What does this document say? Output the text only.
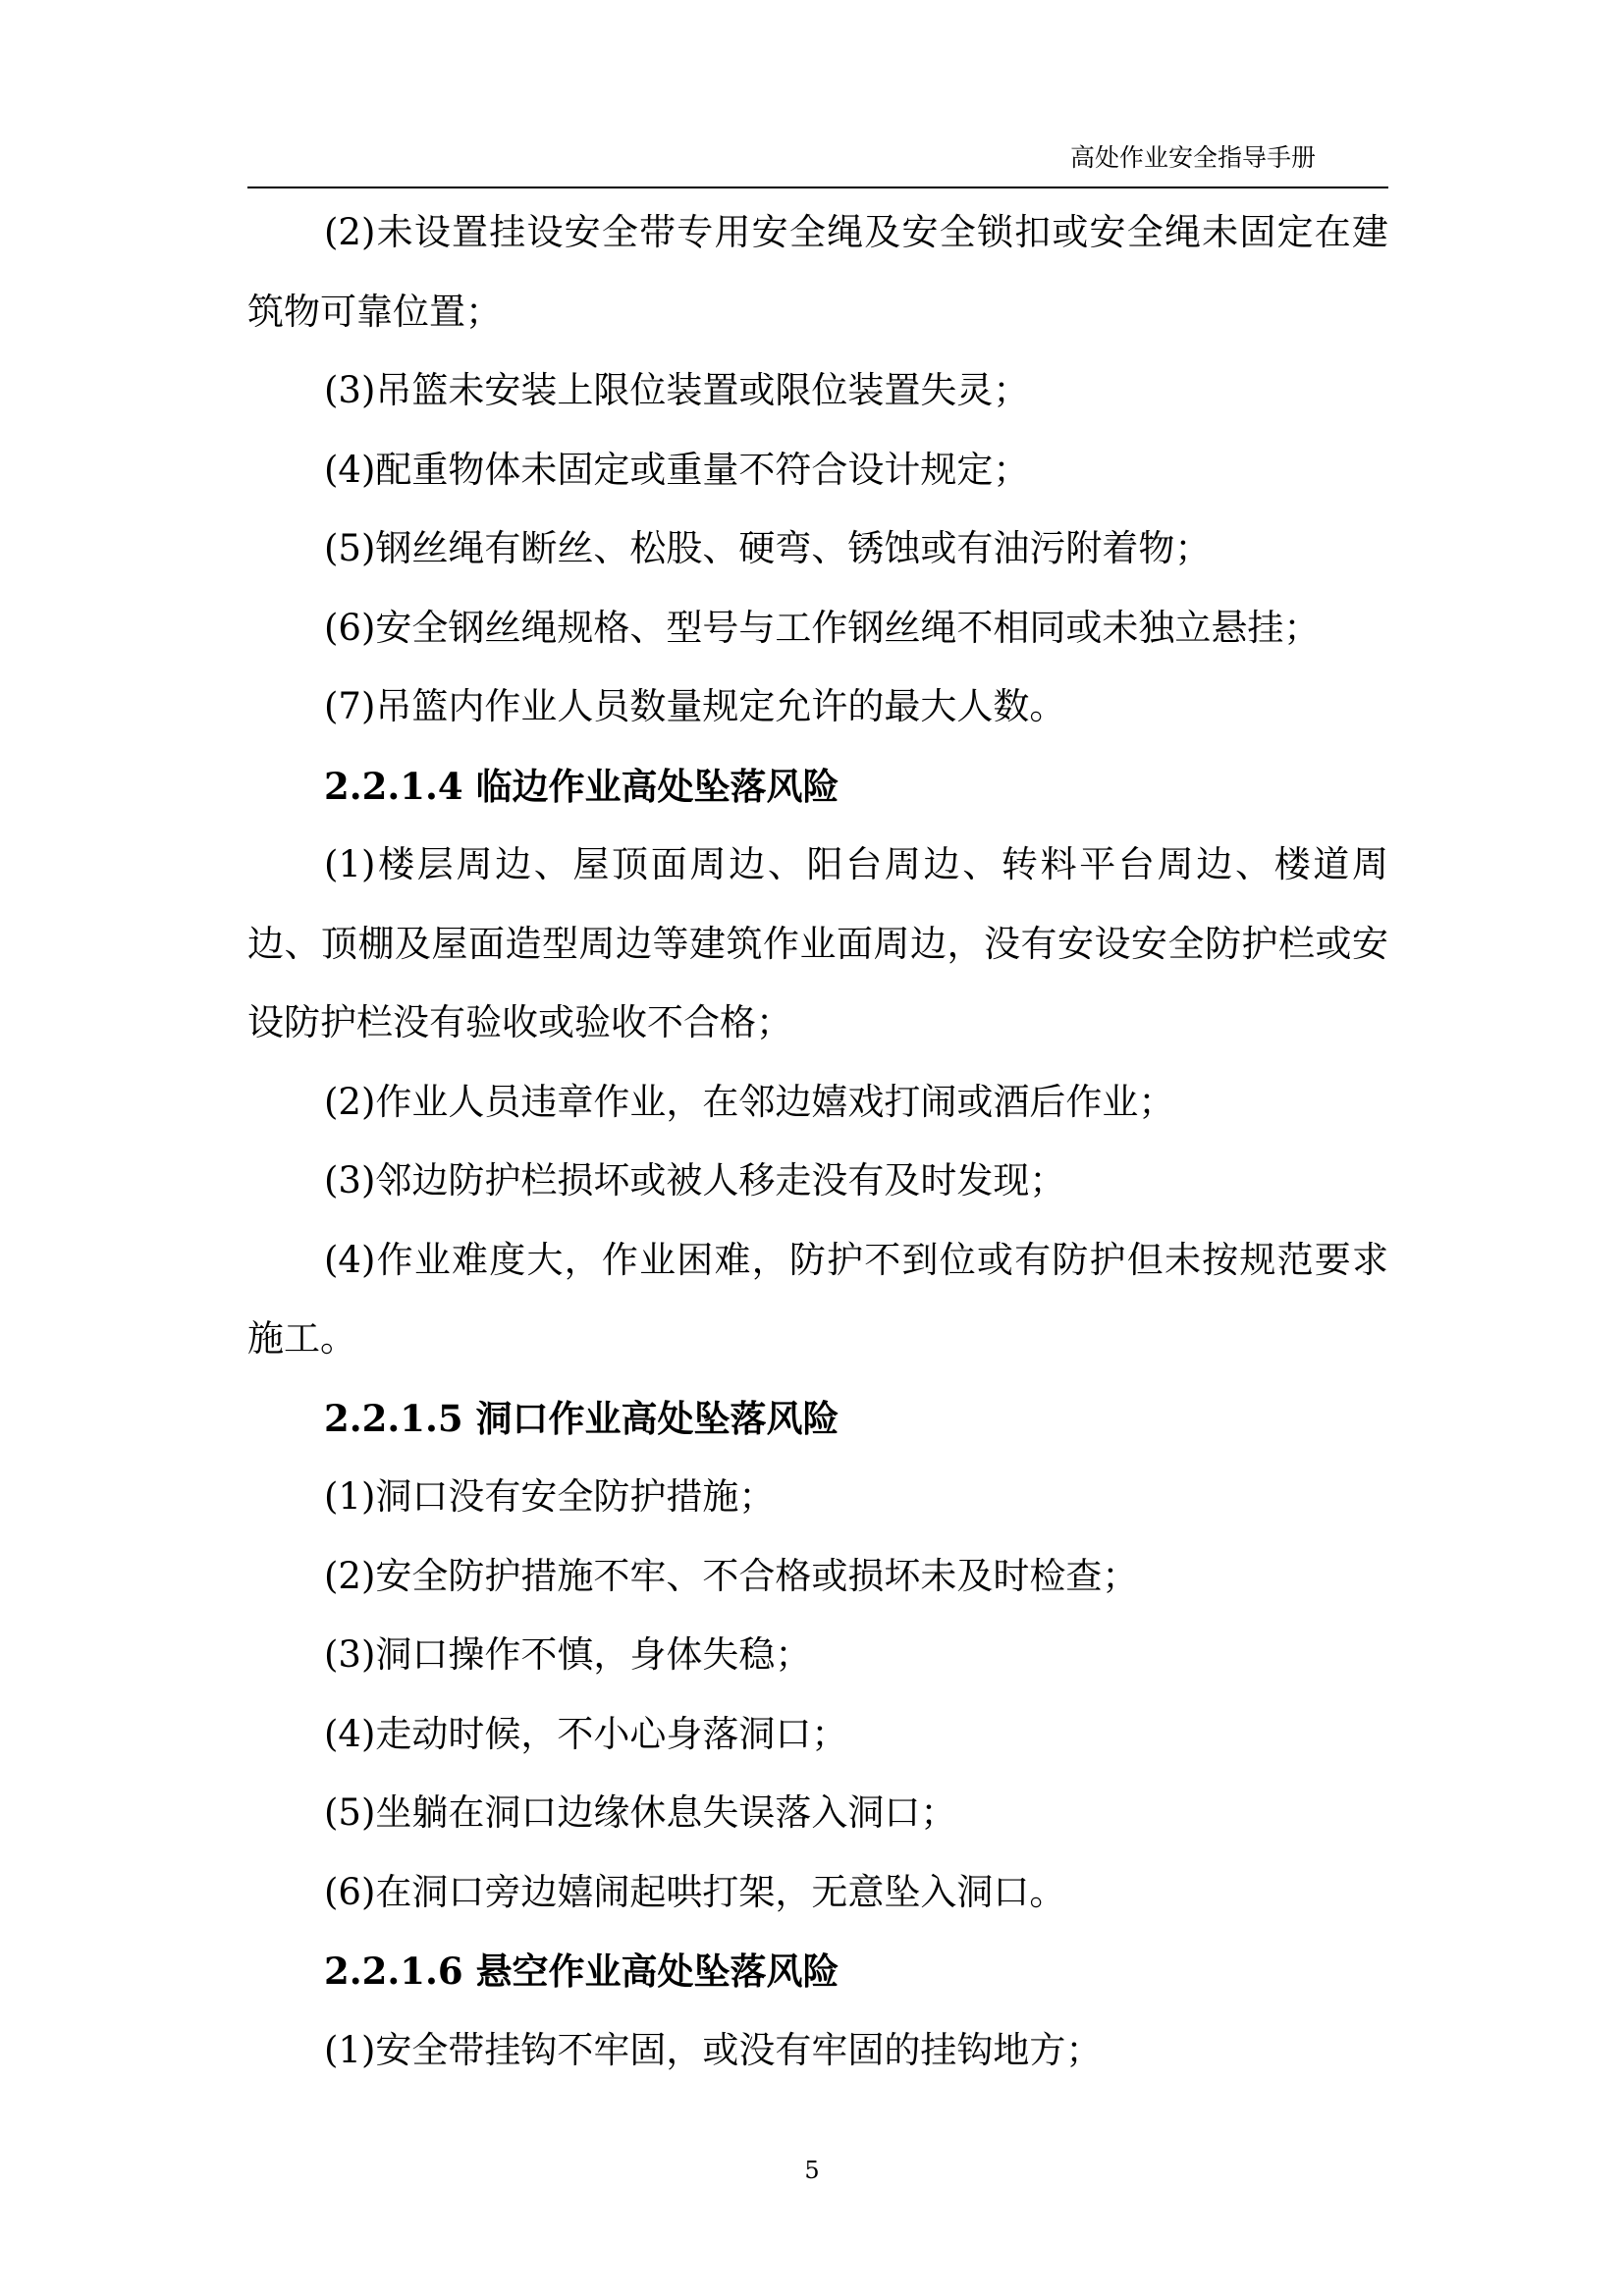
高处作业安全指导手册

(2)未设置挂设安全带专用安全绳及安全锁扣或安全绳未固定在建筑物可靠位置；

(3)吊篮未安装上限位装置或限位装置失灵；

(4)配重物体未固定或重量不符合设计规定；

(5)钢丝绳有断丝、松股、硬弯、锈蚀或有油污附着物；

(6)安全钢丝绳规格、型号与工作钢丝绳不相同或未独立悬挂；

(7)吊篮内作业人员数量规定允许的最大人数。

2.2.1.4 临边作业高处坠落风险

(1)楼层周边、屋顶面周边、阳台周边、转料平台周边、楼道周边、顶棚及屋面造型周边等建筑作业面周边，没有安设安全防护栏或安设防护栏没有验收或验收不合格；

(2)作业人员违章作业，在邻边嬉戏打闹或酒后作业；

(3)邻边防护栏损坏或被人移走没有及时发现；

(4)作业难度大，作业困难，防护不到位或有防护但未按规范要求施工。

2.2.1.5 洞口作业高处坠落风险

(1)洞口没有安全防护措施；

(2)安全防护措施不牢、不合格或损坏未及时检查；

(3)洞口操作不慎，身体失稳；

(4)走动时候，不小心身落洞口；

(5)坐躺在洞口边缘休息失误落入洞口；

(6)在洞口旁边嬉闹起哄打架，无意坠入洞口。

2.2.1.6 悬空作业高处坠落风险

(1)安全带挂钩不牢固，或没有牢固的挂钩地方；

5
